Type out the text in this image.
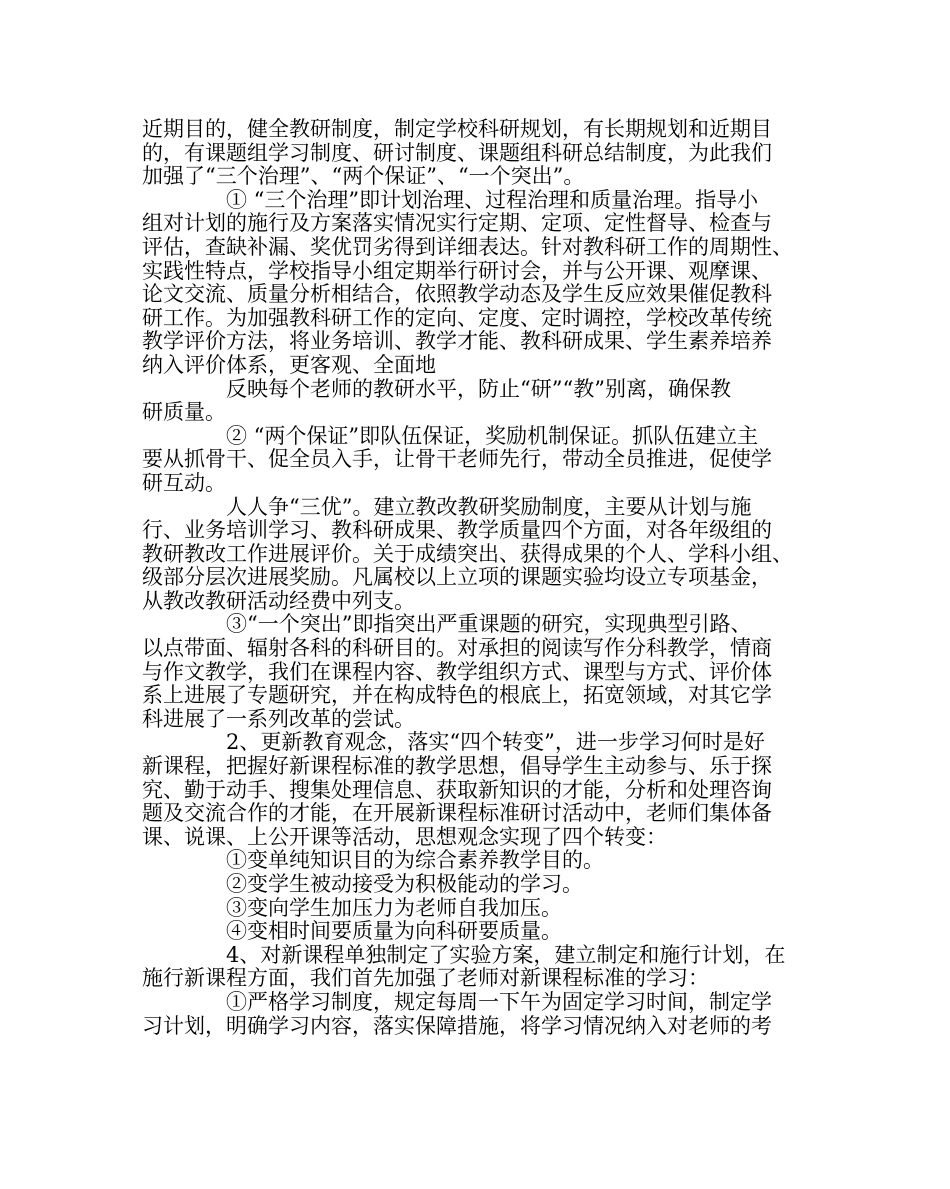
近期目的，健全教研制度，制定学校科研规划，有长期规划和近期目
的，有课题组学习制度、研讨制度、课题组科研总结制度，为此我们
加强了“三个治理”、“两个保证”、“一个突出”。
① “三个治理”即计划治理、过程治理和质量治理。指导小
组对计划的施行及方案落实情况实行定期、定项、定性督导、检查与
评估，查缺补漏、奖优罚劣得到详细表达。针对教科研工作的周期性、
实践性特点，学校指导小组定期举行研讨会，并与公开课、观摩课、
论文交流、质量分析相结合，依照教学动态及学生反应效果催促教科
研工作。为加强教科研工作的定向、定度、定时调控，学校改革传统
教学评价方法，将业务培训、教学才能、教科研成果、学生素养培养
纳入评价体系，更客观、全面地
反映每个老师的教研水平，防止“研”“教”别离，确保教
研质量。
② “两个保证”即队伍保证，奖励机制保证。抓队伍建立主
要从抓骨干、促全员入手，让骨干老师先行，带动全员推进，促使学
研互动。
人人争“三优”。建立教改教研奖励制度，主要从计划与施
行、业务培训学习、教科研成果、教学质量四个方面，对各年级组的
教研教改工作进展评价。关于成绩突出、获得成果的个人、学科小组、
级部分层次进展奖励。凡属校以上立项的课题实验均设立专项基金，
从教改教研活动经费中列支。
③“一个突出”即指突出严重课题的研究，实现典型引路、
以点带面、辐射各科的科研目的。对承担的阅读写作分科教学，情商
与作文教学，我们在课程内容、教学组织方式、课型与方式、评价体
系上进展了专题研究，并在构成特色的根底上，拓宽领域，对其它学
科进展了一系列改革的尝试。
2、更新教育观念，落实“四个转变”，进一步学习何时是好
新课程，把握好新课程标准的教学思想，倡导学生主动参与、乐于探
究、勤于动手、搜集处理信息、获取新知识的才能，分析和处理咨询
题及交流合作的才能，在开展新课程标准研讨活动中，老师们集体备
课、说课、上公开课等活动，思想观念实现了四个转变：
①变单纯知识目的为综合素养教学目的。
②变学生被动接受为积极能动的学习。
③变向学生加压力为老师自我加压。
④变相时间要质量为向科研要质量。
4、对新课程单独制定了实验方案，建立制定和施行计划，在
施行新课程方面，我们首先加强了老师对新课程标准的学习：
①严格学习制度，规定每周一下午为固定学习时间，制定学
习计划，明确学习内容，落实保障措施，将学习情况纳入对老师的考
